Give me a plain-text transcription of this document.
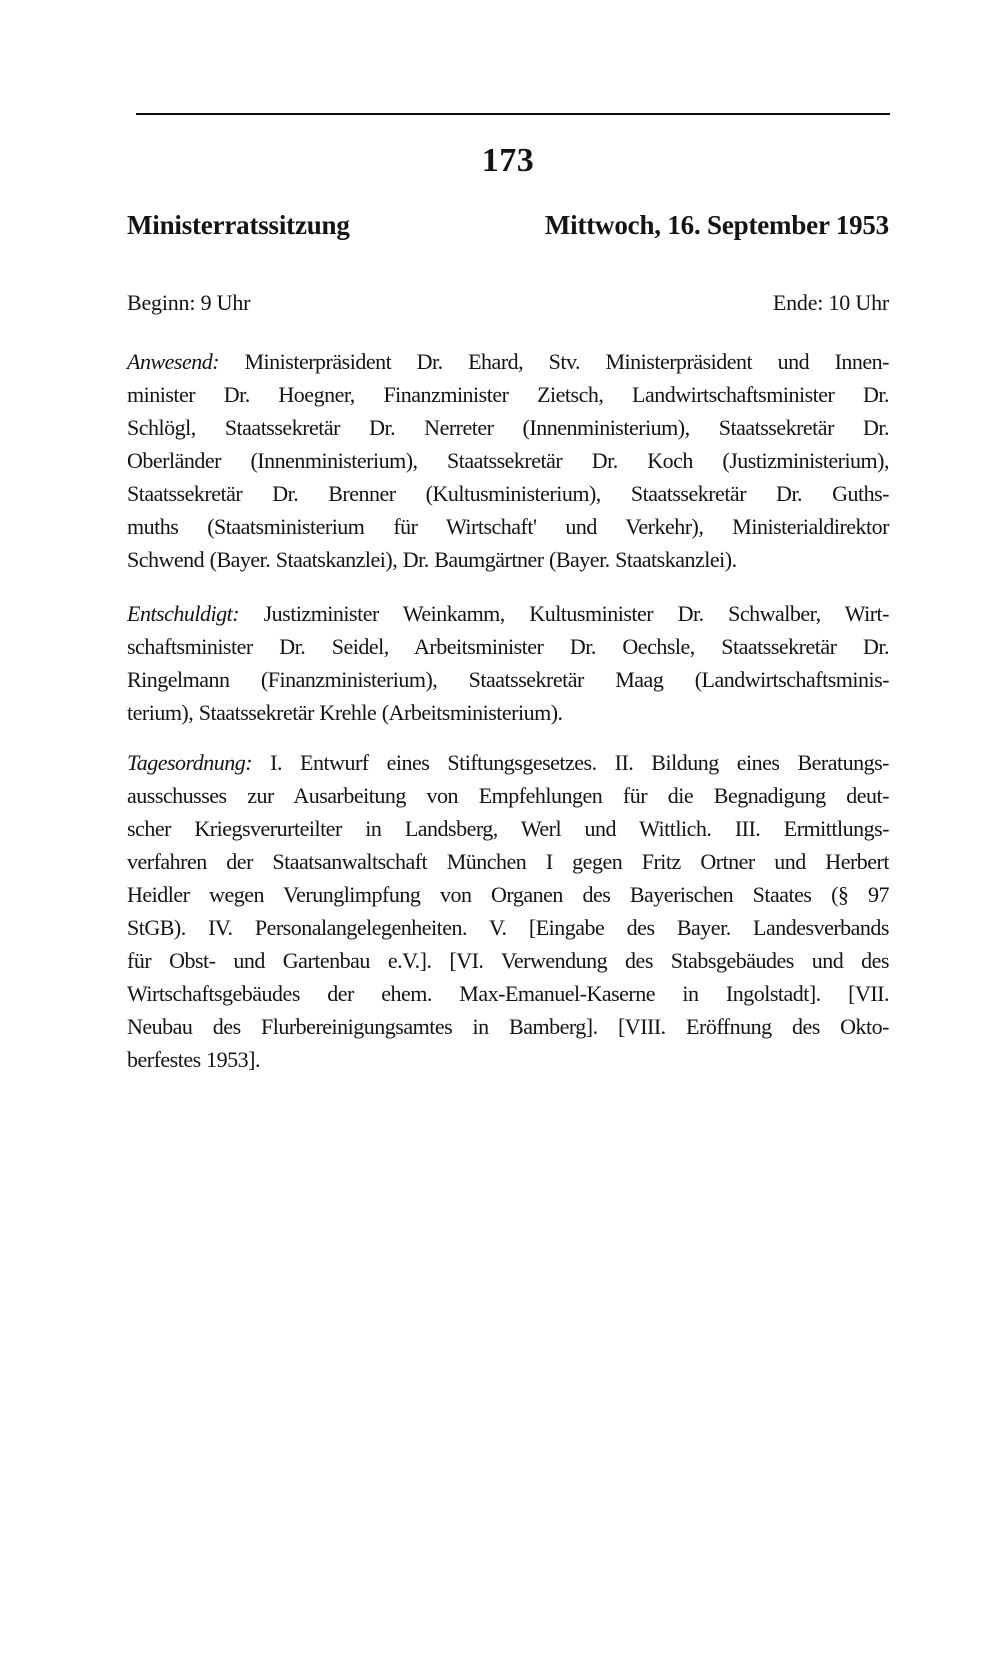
173
Ministerratssitzung	Mittwoch, 16. September 1953
Beginn: 9 Uhr	Ende: 10 Uhr
Anwesend: Ministerpräsident Dr. Ehard, Stv. Ministerpräsident und Innen-
minister Dr. Hoegner, Finanzminister Zietsch, Landwirtschaftsminister Dr.
Schlögl, Staatssekretär Dr. Nerreter (Innenministerium), Staatssekretär Dr.
Oberländer (Innenministerium), Staatssekretär Dr. Koch (Justizministerium),
Staatssekretär Dr. Brenner (Kultusministerium), Staatssekretär Dr. Guths-
muths (Staatsministerium für Wirtschaft' und Verkehr), Ministerialdirektor
Schwend (Bayer. Staatskanzlei), Dr. Baumgärtner (Bayer. Staatskanzlei).
Entschuldigt: Justizminister Weinkamm, Kultusminister Dr. Schwalber, Wirt-
schaftsminister Dr. Seidel, Arbeitsminister Dr. Oechsle, Staatssekretär Dr.
Ringelmann (Finanzministerium), Staatssekretär Maag (Landwirtschaftsminis-
terium), Staatssekretär Krehle (Arbeitsministerium).
Tagesordnung: I. Entwurf eines Stiftungsgesetzes. II. Bildung eines Beratungs-
ausschusses zur Ausarbeitung von Empfehlungen für die Begnadigung deut-
scher Kriegsverurteilter in Landsberg, Werl und Wittlich. III. Ermittlungs-
verfahren der Staatsanwaltschaft München I gegen Fritz Ortner und Herbert
Heidler wegen Verunglimpfung von Organen des Bayerischen Staates (§ 97
StGB). IV. Personalangelegenheiten. V. [Eingabe des Bayer. Landesverbands
für Obst- und Gartenbau e.V.]. [VI. Verwendung des Stabsgebäudes und des
Wirtschaftsgebäudes der ehem. Max-Emanuel-Kaserne in Ingolstadt]. [VII.
Neubau des Flurbereinigungsamtes in Bamberg]. [VIII. Eröffnung des Okto-
berfestes 1953].
